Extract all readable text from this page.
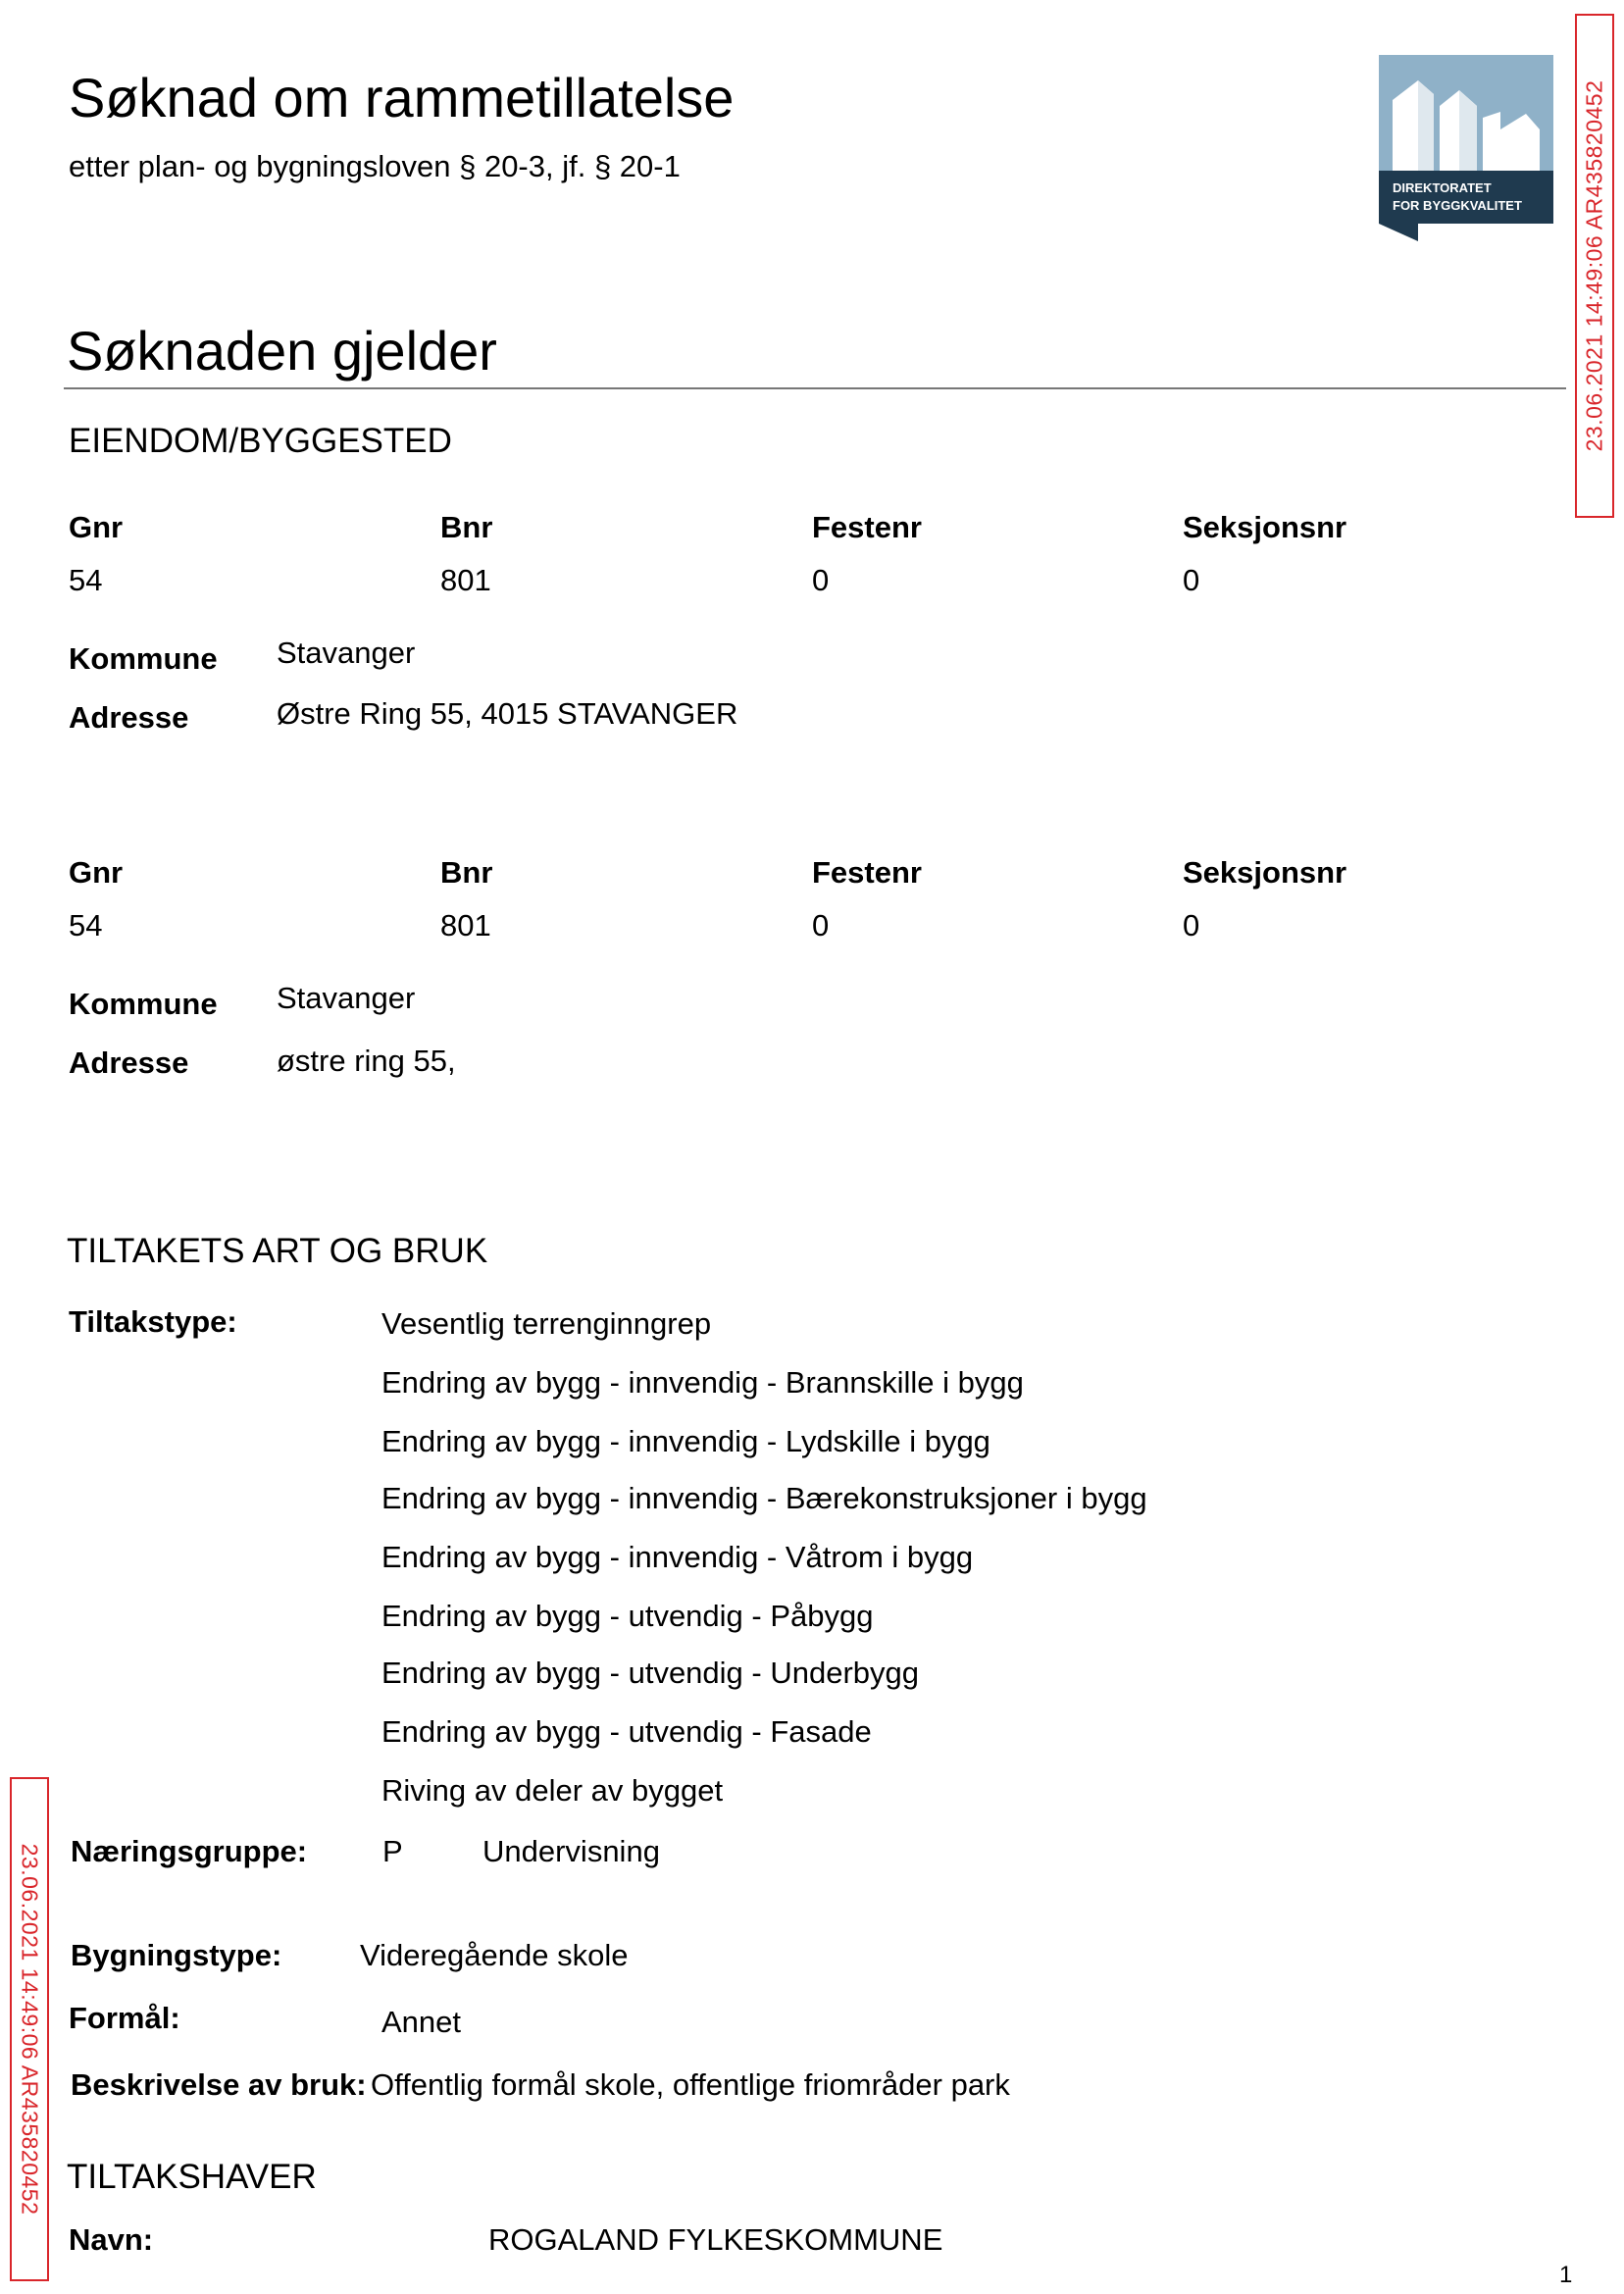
Søknad om rammetillatelse
etter plan- og bygningsloven § 20-3, jf. § 20-1
DIREKTORATET
FOR BYGGKVALITET	23.06.2021 14:49:06 AR435820452
23.06.2021 14:49:06 AR435820452
Søknaden gjelder
EIENDOM/BYGGESTED
Gnr	Bnr	Festenr	Seksjonsnr
54	801	0	0
Kommune Stavanger
Adresse	Østre Ring 55, 4015 STAVANGER
Gnr	Bnr	Festenr	Seksjonsnr
54	801	0	0
Kommune Stavanger
Adresse	østre ring 55,
TILTAKETS ART OG BRUK
Tiltakstype:	Vesentlig terrenginngrep
Endring av bygg - innvendig - Brannskille i bygg
Endring av bygg - innvendig - Lydskille i bygg
Endring av bygg - innvendig - Bærekonstruksjoner i bygg
Endring av bygg - innvendig - Våtrom i bygg
Endring av bygg - utvendig - Påbygg
Endring av bygg - utvendig - Underbygg
Endring av bygg - utvendig - Fasade
Riving av deler av bygget
Næringsgruppe: P	Undervisning
Bygningstype:	Videregående skole
Formål:	Annet
Beskrivelse av bruk: Offentlig formål skole, offentlige friområder park
TILTAKSHAVER
Navn:	ROGALAND FYLKESKOMMUNE
1
